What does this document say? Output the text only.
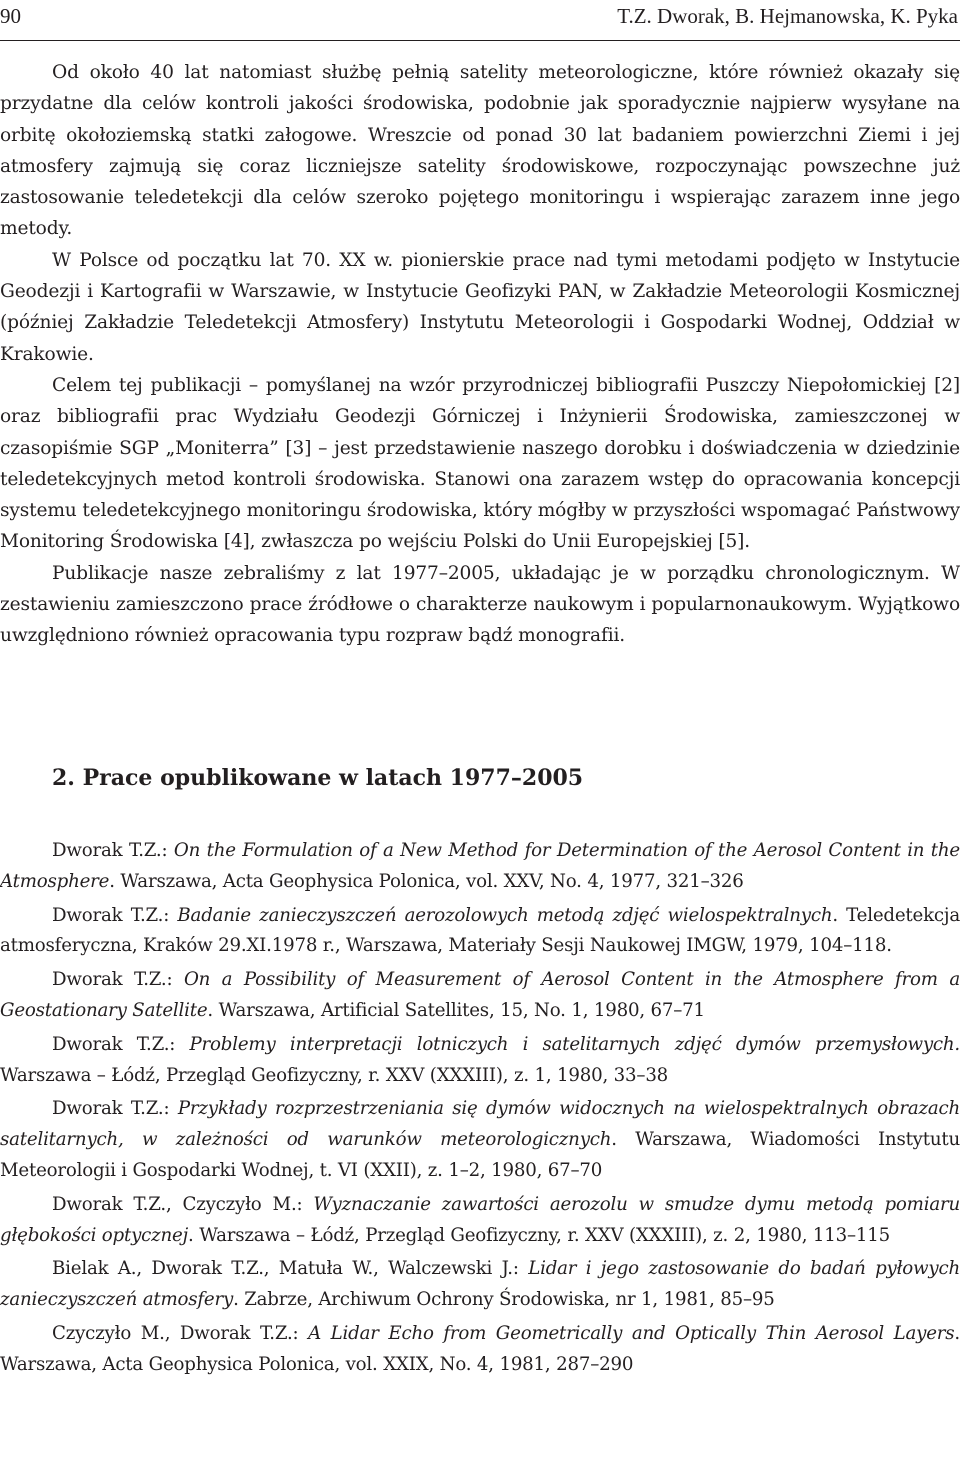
90	T.Z. Dworak, B. Hejmanowska, K. Pyka

Od około 40 lat natomiast służbę pełnią satelity meteorologiczne, które również okazały się przydatne dla celów kontroli jakości środowiska, podobnie jak sporadycznie najpierw wysyłane na orbitę okołoziemską statki załogowe. Wreszcie od ponad 30 lat badaniem powierzchni Ziemi i jej atmosfery zajmują się coraz liczniejsze satelity środowiskowe, rozpoczynając powszechne już zastosowanie teledetekcji dla celów szeroko pojętego monitoringu i wspierając zarazem inne jego metody.

W Polsce od początku lat 70. XX w. pionierskie prace nad tymi metodami podjęto w Instytucie Geodezji i Kartografii w Warszawie, w Instytucie Geofizyki PAN, w Zakładzie Meteorologii Kosmicznej (później Zakładzie Teledetekcji Atmosfery) Instytutu Meteorologii i Gospodarki Wodnej, Oddział w Krakowie.

Celem tej publikacji – pomyślanej na wzór przyrodniczej bibliografii Puszczy Niepołomickiej [2] oraz bibliografii prac Wydziału Geodezji Górniczej i Inżynierii Środowiska, zamieszczonej w czasopiśmie SGP „Moniterra” [3] – jest przedstawienie naszego dorobku i doświadczenia w dziedzinie teledetekcyjnych metod kontroli środowiska. Stanowi ona zarazem wstęp do opracowania koncepcji systemu teledetekcyjnego monitoringu środowiska, który mógłby w przyszłości wspomagać Państwowy Monitoring Środowiska [4], zwłaszcza po wejściu Polski do Unii Europejskiej [5].

Publikacje nasze zebraliśmy z lat 1977–2005, układając je w porządku chronologicznym. W zestawieniu zamieszczono prace źródłowe o charakterze naukowym i popularnonaukowym. Wyjątkowo uwzględniono również opracowania typu rozpraw bądź monografii.

2. Prace opublikowane w latach 1977–2005

Dworak T.Z.: On the Formulation of a New Method for Determination of the Aerosol Content in the Atmosphere. Warszawa, Acta Geophysica Polonica, vol. XXV, No. 4, 1977, 321–326

Dworak T.Z.: Badanie zanieczyszczeń aerozolowych metodą zdjęć wielospektralnych. Teledetekcja atmosferyczna, Kraków 29.XI.1978 r., Warszawa, Materiały Sesji Naukowej IMGW, 1979, 104–118.

Dworak T.Z.: On a Possibility of Measurement of Aerosol Content in the Atmosphere from a Geostationary Satellite. Warszawa, Artificial Satellites, 15, No. 1, 1980, 67–71

Dworak T.Z.: Problemy interpretacji lotniczych i satelitarnych zdjęć dymów przemysłowych. Warszawa – Łódź, Przegląd Geofizyczny, r. XXV (XXXIII), z. 1, 1980, 33–38

Dworak T.Z.: Przykłady rozprzestrzeniania się dymów widocznych na wielospektralnych obrazach satelitarnych, w zależności od warunków meteorologicznych. Warszawa, Wiadomości Instytutu Meteorologii i Gospodarki Wodnej, t. VI (XXII), z. 1–2, 1980, 67–70

Dworak T.Z., Czyczyło M.: Wyznaczanie zawartości aerozolu w smudze dymu metodą pomiaru głębokości optycznej. Warszawa – Łódź, Przegląd Geofizyczny, r. XXV (XXXIII), z. 2, 1980, 113–115

Bielak A., Dworak T.Z., Matuła W., Walczewski J.: Lidar i jego zastosowanie do badań pyłowych zanieczyszczeń atmosfery. Zabrze, Archiwum Ochrony Środowiska, nr 1, 1981, 85–95

Czyczyło M., Dworak T.Z.: A Lidar Echo from Geometrically and Optically Thin Aerosol Layers. Warszawa, Acta Geophysica Polonica, vol. XXIX, No. 4, 1981, 287–290
